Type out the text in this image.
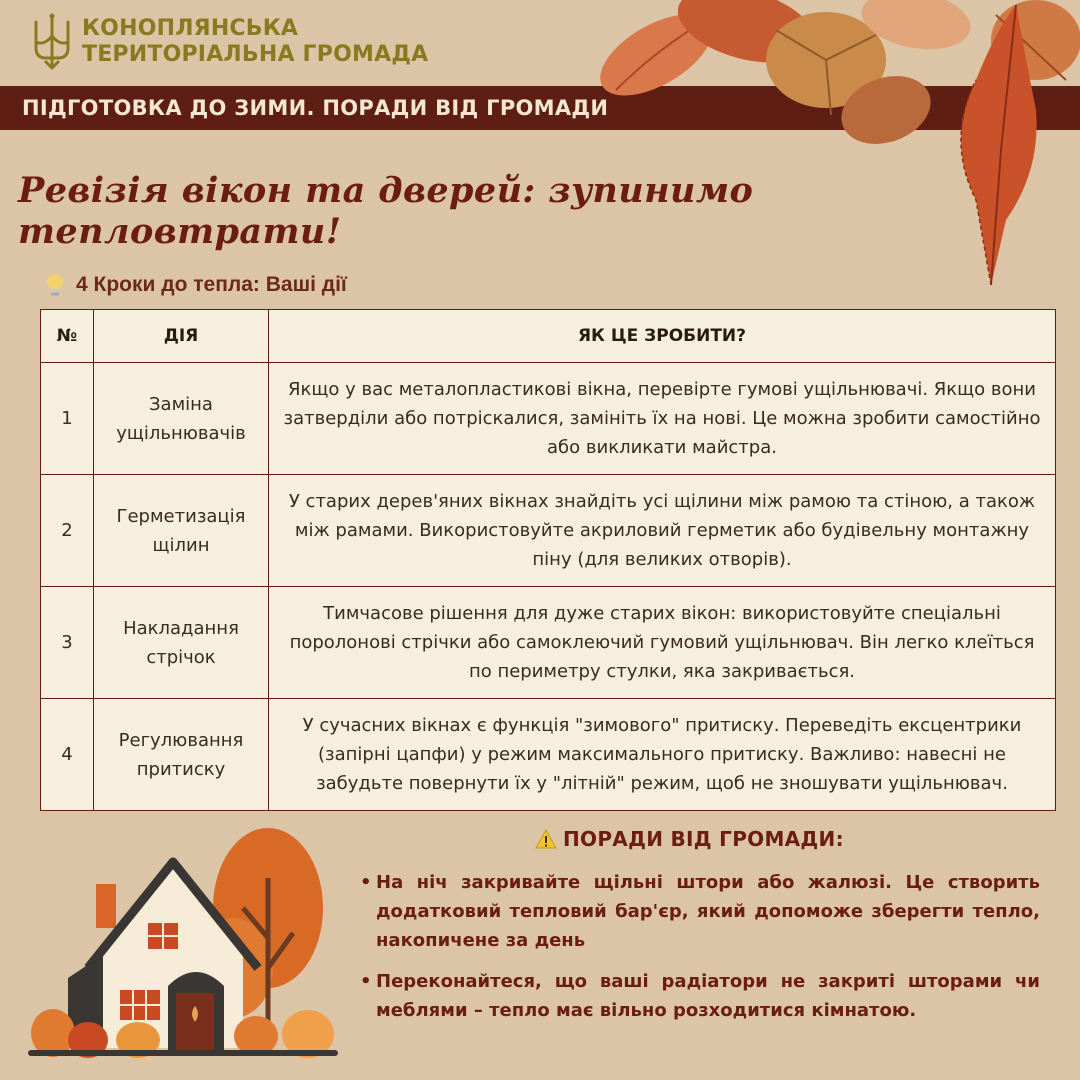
КОНОПЛЯНСЬКА
ТЕРИТОРІАЛЬНА ГРОМАДА
ПІДГОТОВКА ДО ЗИМИ. ПОРАДИ ВІД ГРОМАДИ
Ревізія вікон та дверей: зупинимо тепловтрати!
4 Кроки до тепла: Ваші дії
№	ДІЯ	ЯК ЦЕ ЗРОБИТИ?
1	Заміна ущільнювачів	Якщо у вас металопластикові вікна, перевірте гумові ущільнювачі. Якщо вони затверділи або потріскалися, замініть їх на нові. Це можна зробити самостійно або викликати майстра.
2	Герметизація щілин	У старих дерев'яних вікнах знайдіть усі щілини між рамою та стіною, а також між рамами. Використовуйте акриловий герметик або будівельну монтажну піну (для великих отворів).
3	Накладання стрічок	Тимчасове рішення для дуже старих вікон: використовуйте спеціальні поролонові стрічки або самоклеючий гумовий ущільнювач. Він легко клеїться по периметру стулки, яка закривається.
4	Регулювання притиску	У сучасних вікнах є функція "зимового" притиску. Переведіть ексцентрики (запірні цапфи) у режим максимального притиску. Важливо: навесні не забудьте повернути їх у "літній" режим, щоб не зношувати ущільнювач.
ПОРАДИ ВІД ГРОМАДИ:
• На ніч закривайте щільні штори або жалюзі. Це створить додатковий тепловий бар'єр, який допоможе зберегти тепло, накопичене за день
• Переконайтеся, що ваші радіатори не закриті шторами чи меблями – тепло має вільно розходитися кімнатою.
